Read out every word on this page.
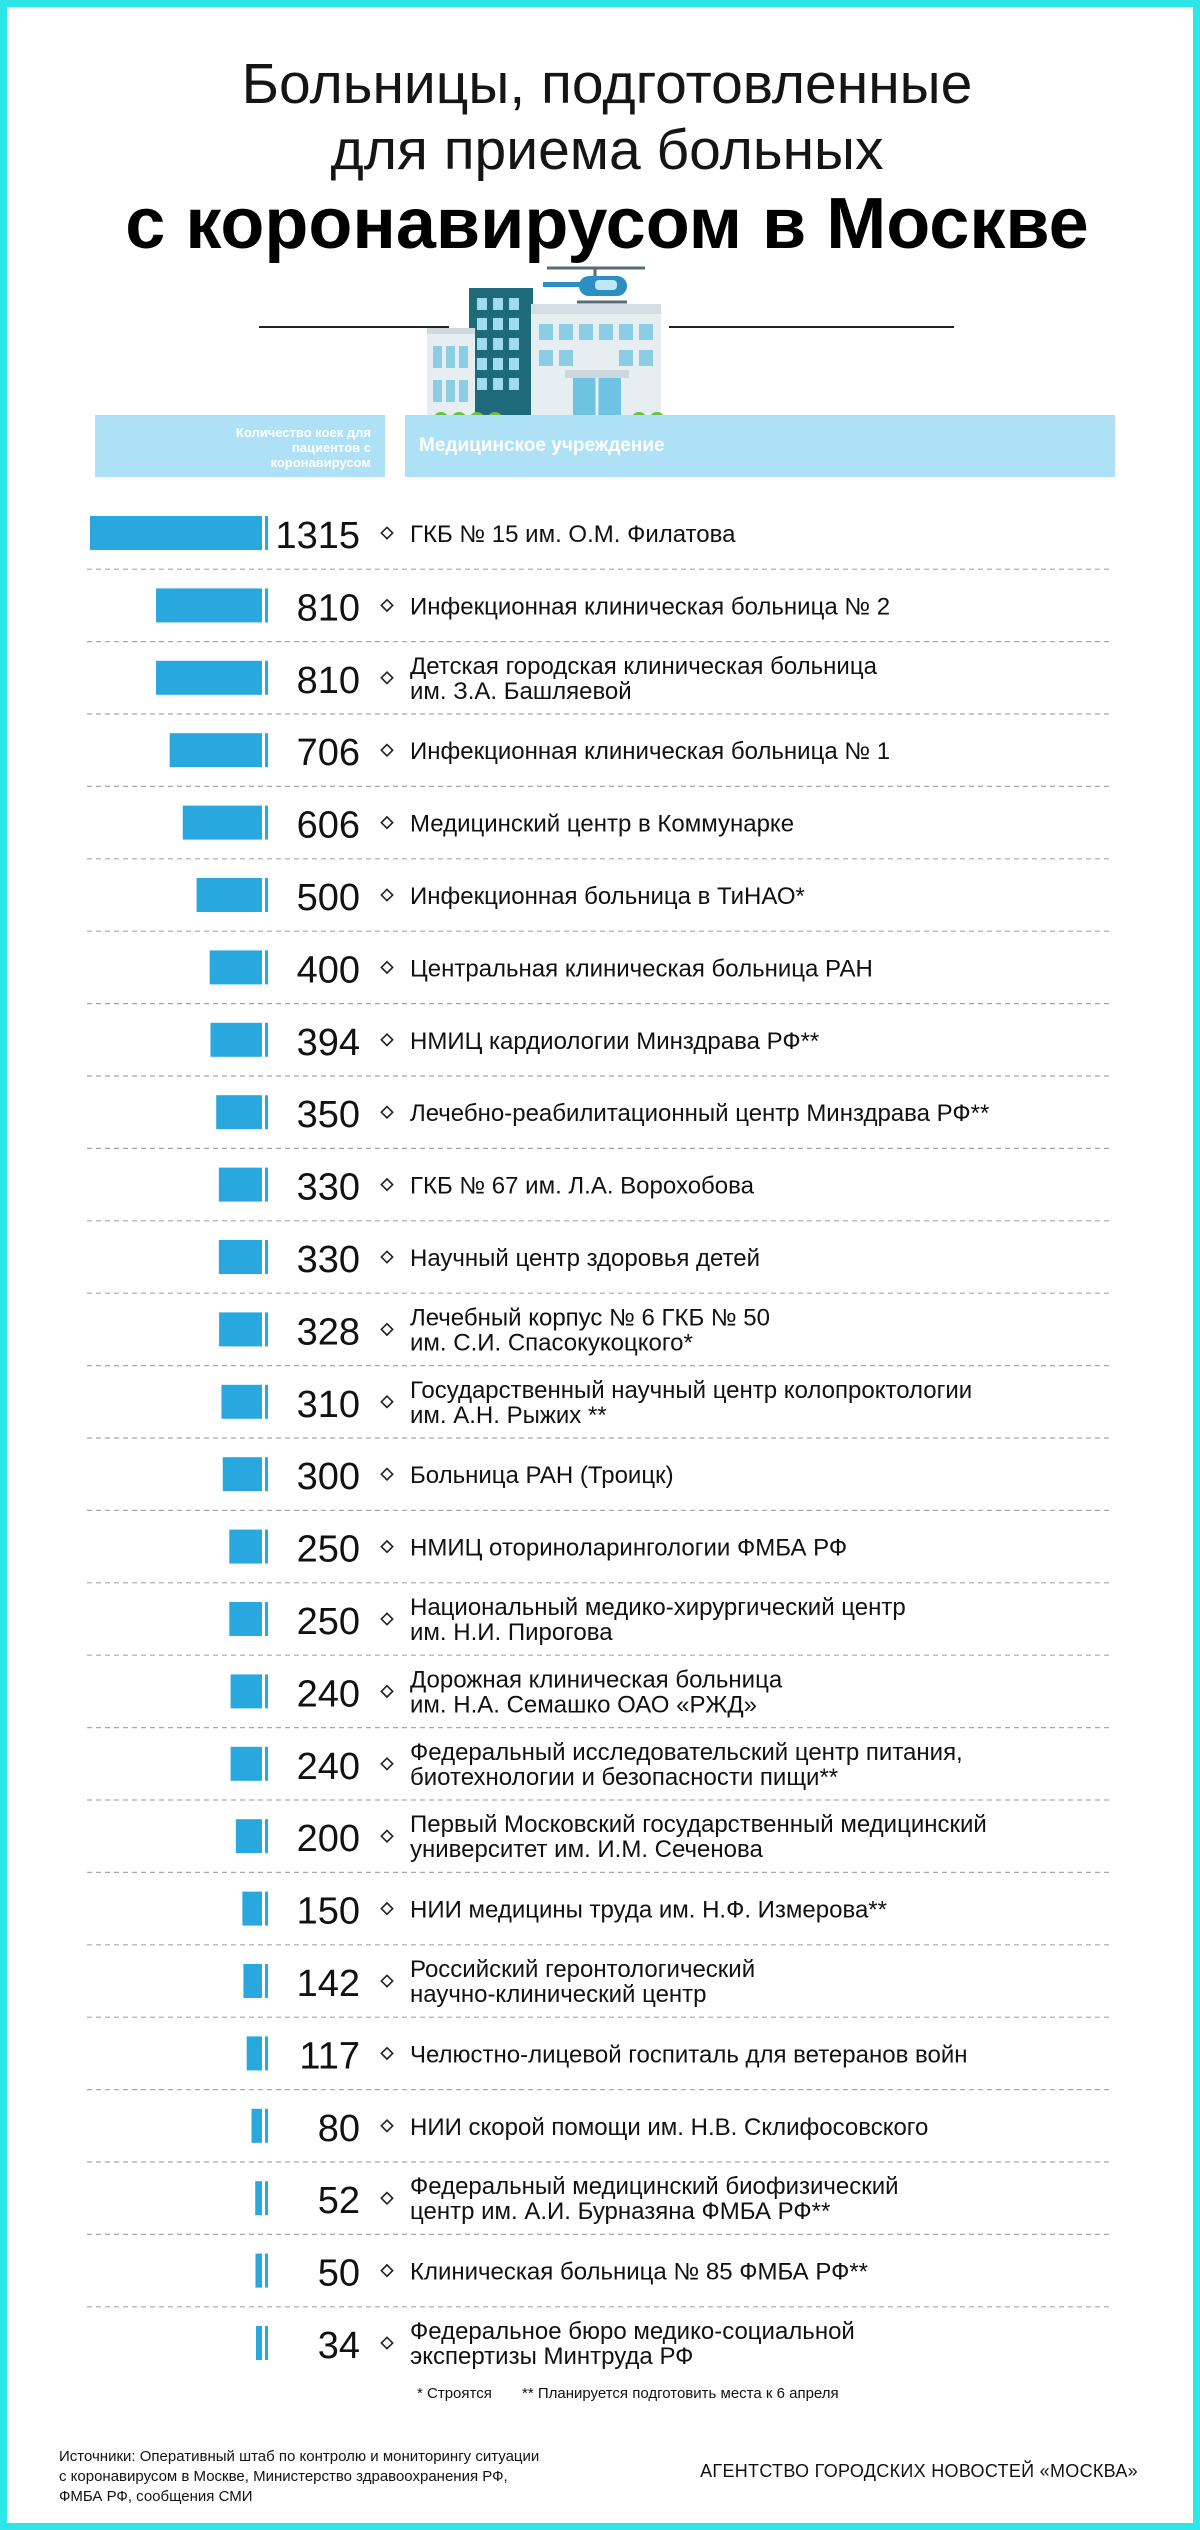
Больницы, подготовленные
для приема больных
с коронавирусом в Москве
Количество коек для пациентов с коронавирусом
Медицинское учреждение
1315 ГКБ № 15 им. О.М. Филатова
810 Инфекционная клиническая больница № 2
810 Детская городская клиническая больница им. З.А. Башляевой
706 Инфекционная клиническая больница № 1
606 Медицинский центр в Коммунарке
500 Инфекционная больница в ТиНАО*
400 Центральная клиническая больница РАН
394 НМИЦ кардиологии Минздрава РФ**
350 Лечебно-реабилитационный центр Минздрава РФ**
330 ГКБ № 67 им. Л.А. Ворохобова
330 Научный центр здоровья детей
328 Лечебный корпус № 6 ГКБ № 50 им. С.И. Спасокукоцкого*
310 Государственный научный центр колопроктологии им. А.Н. Рыжих **
300 Больница РАН (Троицк)
250 НМИЦ оториноларингологии ФМБА РФ
250 Национальный медико-хирургический центр им. Н.И. Пирогова
240 Дорожная клиническая больница им. Н.А. Семашко ОАО «РЖД»
240 Федеральный исследовательский центр питания, биотехнологии и безопасности пищи**
200 Первый Московский государственный медицинский университет им. И.М. Сеченова
150 НИИ медицины труда им. Н.Ф. Измерова**
142 Российский геронтологический научно-клинический центр
117 Челюстно-лицевой госпиталь для ветеранов войн
80 НИИ скорой помощи им. Н.В. Склифосовского
52 Федеральный медицинский биофизический центр им. А.И. Бурназяна ФМБА РФ**
50 Клиническая больница № 85 ФМБА РФ**
34 Федеральное бюро медико-социальной экспертизы Минтруда РФ
* Строятся ** Планируется подготовить места к 6 апреля
Источники: Оперативный штаб по контролю и мониторингу ситуации
с коронавирусом в Москве, Министерство здравоохранения РФ,
ФМБА РФ, сообщения СМИ
АГЕНТСТВО ГОРОДСКИХ НОВОСТЕЙ «МОСКВА»
